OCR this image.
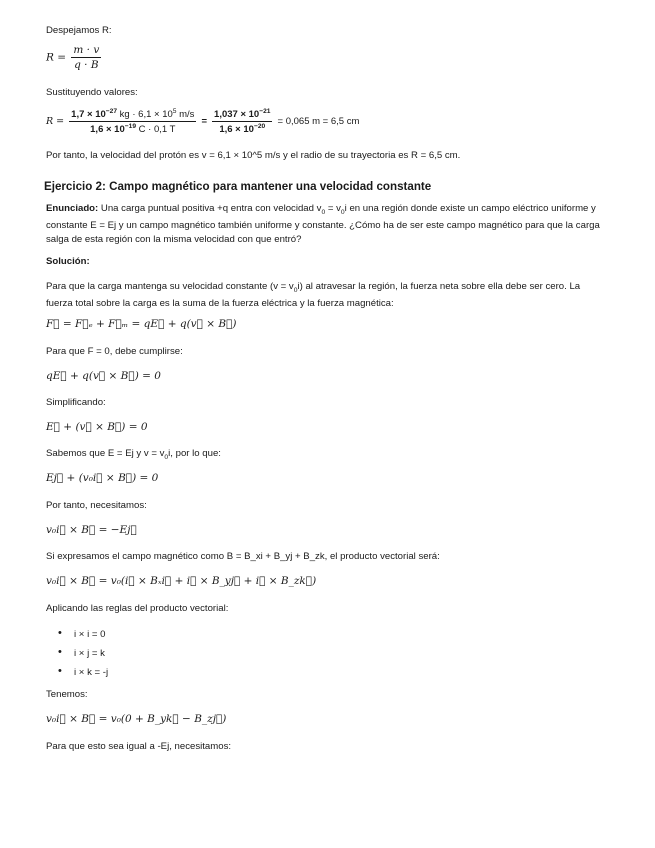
Despejamos R:

$R = \frac{m \cdot v}{q \cdot B}$

Sustituyendo valores:

$R = \frac{1,7 \times 10^{-27} kg \cdot 6,1 \times 10^5 m/s}{1,6 \times 10^{-19} C \cdot 0,1 T} = \frac{1,037 \times 10^{-21}}{1,6 \times 10^{-20}} = 0,065$ m = 6,5 cm

Por tanto, la velocidad del protón es v = 6,1 × 10^5 m/s y el radio de su trayectoria es R = 6,5 cm.

Ejercicio 2: Campo magnético para mantener una velocidad constante

Enunciado: Una carga puntual positiva +q entra con velocidad $v_0 = v_0i$ en una región donde existe un campo eléctrico uniforme y constante E = Ej y un campo magnético también uniforme y constante. ¿Cómo ha de ser este campo magnético para que la carga salga de esta región con la misma velocidad con que entró?

Solución:

Para que la carga mantenga su velocidad constante $(v = v_0i)$ al atravesar la región, la fuerza neta sobre ella debe ser cero. La fuerza total sobre la carga es la suma de la fuerza eléctrica y la fuerza magnética:

F⃗ = F⃗ₑ + F⃗ₘ = qE⃗ + q(v⃗ × B⃗)

Para que F = 0, debe cumplirse:

qE⃗ + q(v⃗ × B⃗) = 0

Simplificando:

E⃗ + (v⃗ × B⃗) = 0

Sabemos que E = Ej y $v = v_0i$, por lo que:

Ej⃗ + (v₀i⃗ × B⃗) = 0

Por tanto, necesitamos:

v₀i⃗ × B⃗ = −Ej⃗

Si expresamos el campo magnético como B = B_xi + B_yj + B_zk, el producto vectorial será:

v₀i⃗ × B⃗ = v₀(i⃗ × Bₓi⃗ + i⃗ × B_yj⃗ + i⃗ × B_zk⃗)

Aplicando las reglas del producto vectorial:

• i × i = 0
• i × j = k
• i × k = -j

Tenemos:

v₀i⃗ × B⃗ = v₀(0 + B_yk⃗ − B_zj⃗)

Para que esto sea igual a -Ej, necesitamos:
